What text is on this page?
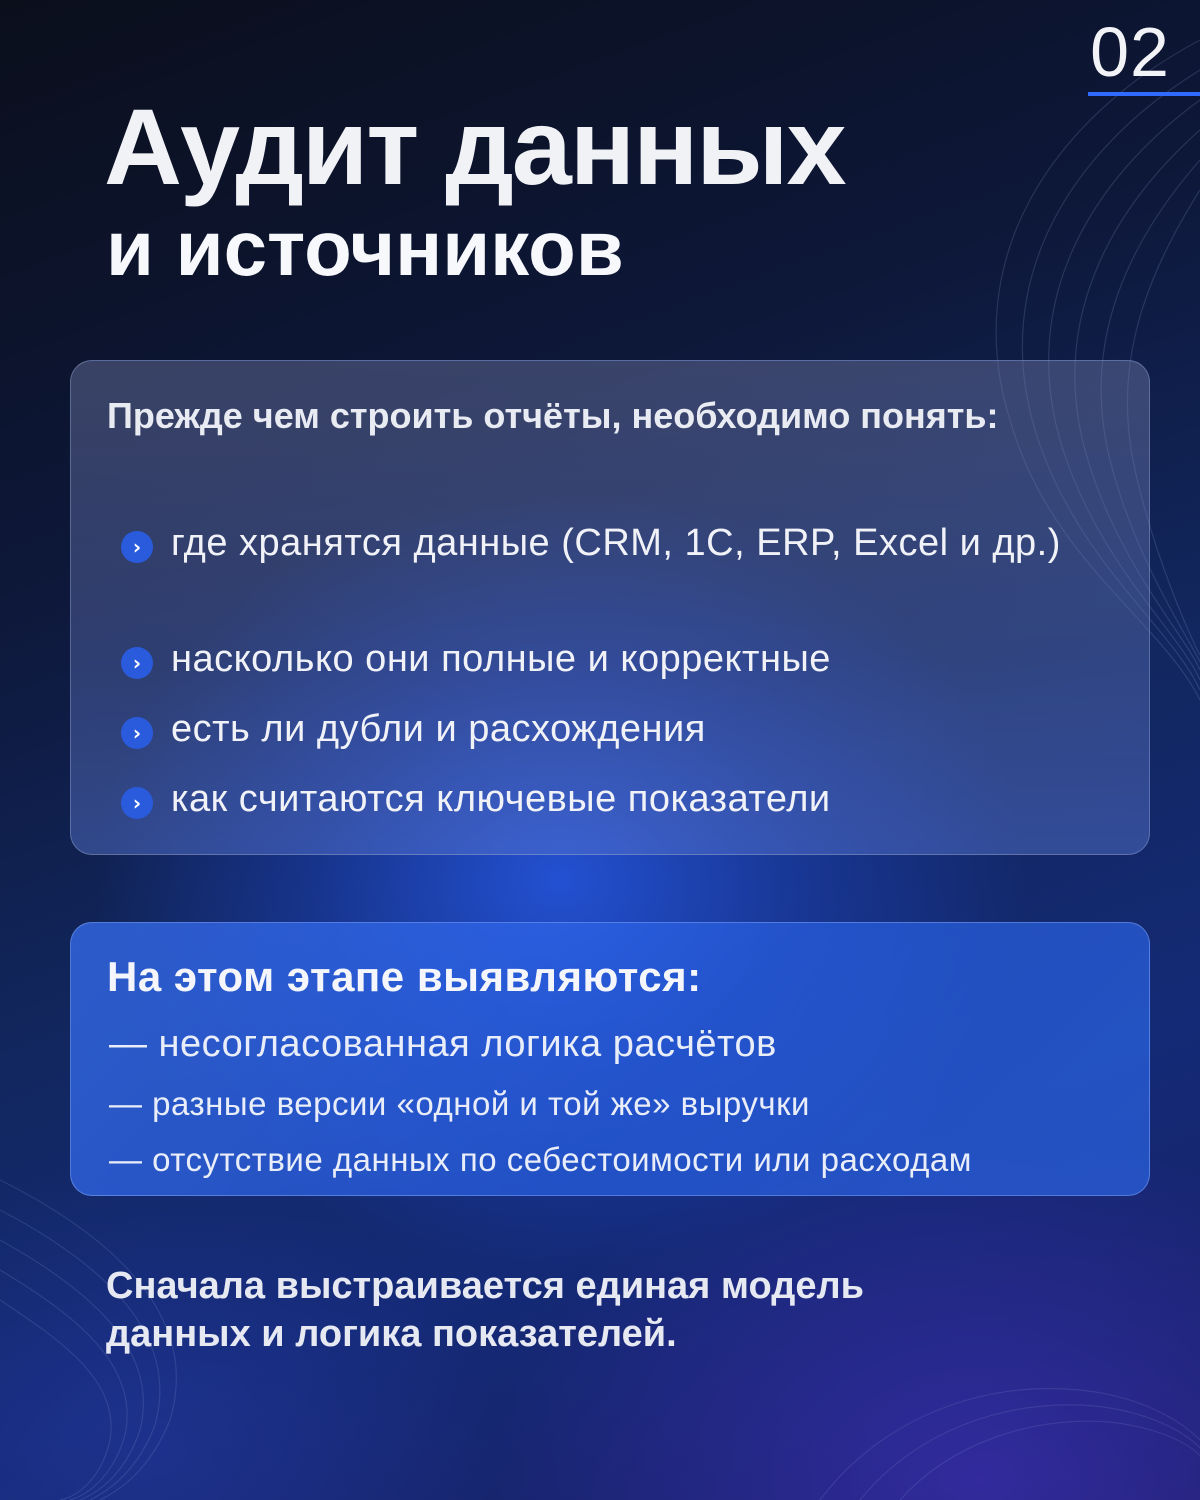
02
Аудит данных
и источников

Прежде чем строить отчёты, необходимо понять:

› где хранятся данные (CRM, 1С, ERP, Excel и др.)
› насколько они полные и корректные
› есть ли дубли и расхождения
› как считаются ключевые показатели
На этом этапе выявляются:
— несогласованная логика расчётов
— разные версии «одной и той же» выручки
— отсутствие данных по себестоимости или расходам

Сначала выстраивается единая модель данных и логика показателей.
